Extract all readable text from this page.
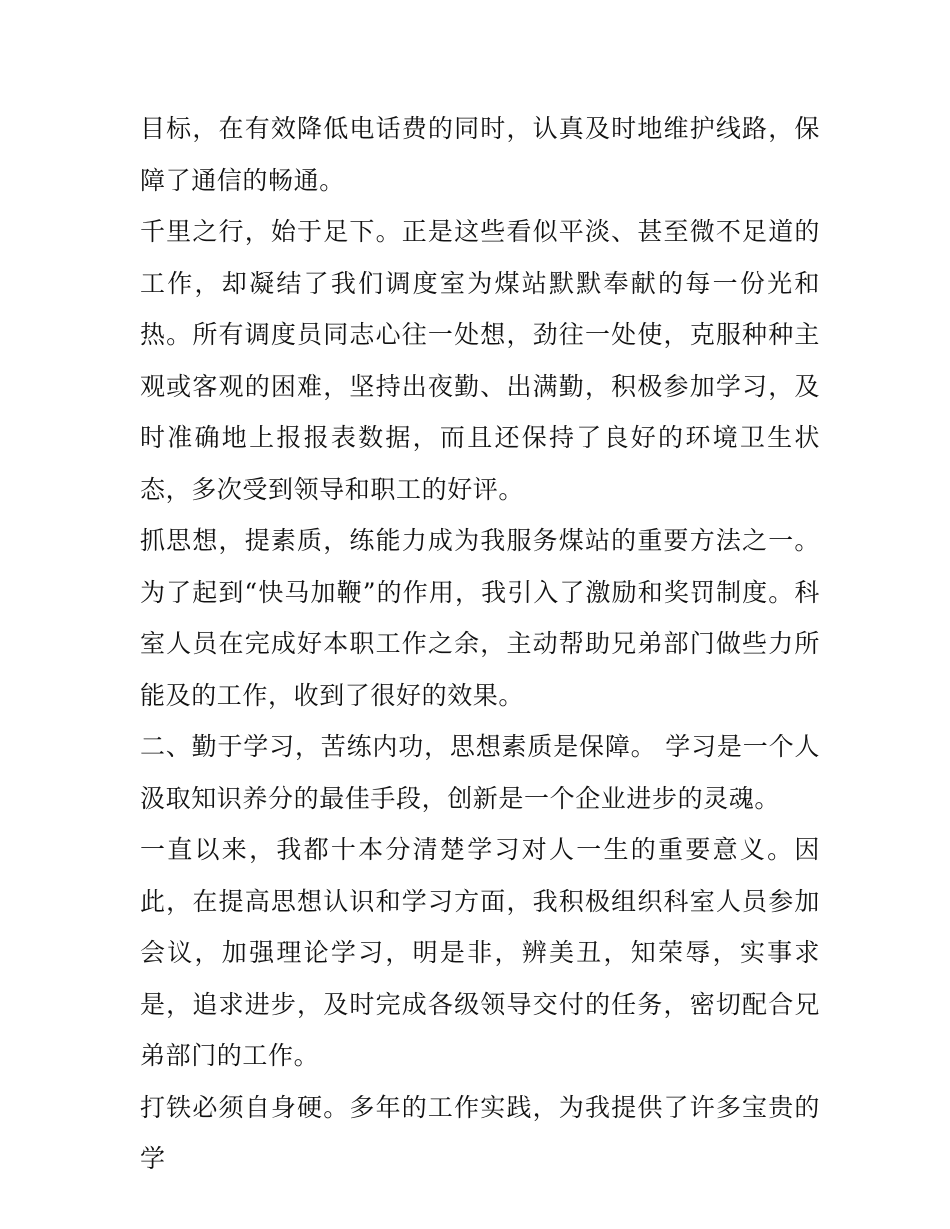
目标，在有效降低电话费的同时，认真及时地维护线路，保障了通信的畅通。

千里之行，始于足下。正是这些看似平淡、甚至微不足道的工作，却凝结了我们调度室为煤站默默奉献的每一份光和热。所有调度员同志心往一处想，劲往一处使，克服种种主观或客观的困难，坚持出夜勤、出满勤，积极参加学习，及时准确地上报报表数据，而且还保持了良好的环境卫生状态，多次受到领导和职工的好评。

抓思想，提素质，练能力成为我服务煤站的重要方法之一。为了起到“快马加鞭”的作用，我引入了激励和奖罚制度。科室人员在完成好本职工作之余，主动帮助兄弟部门做些力所能及的工作，收到了很好的效果。

二、勤于学习，苦练内功，思想素质是保障。 学习是一个人汲取知识养分的最佳手段，创新是一个企业进步的灵魂。

一直以来，我都十本分清楚学习对人一生的重要意义。因此，在提高思想认识和学习方面，我积极组织科室人员参加会议，加强理论学习，明是非，辨美丑，知荣辱，实事求是，追求进步，及时完成各级领导交付的任务，密切配合兄弟部门的工作。

打铁必须自身硬。多年的工作实践，为我提供了许多宝贵的学
